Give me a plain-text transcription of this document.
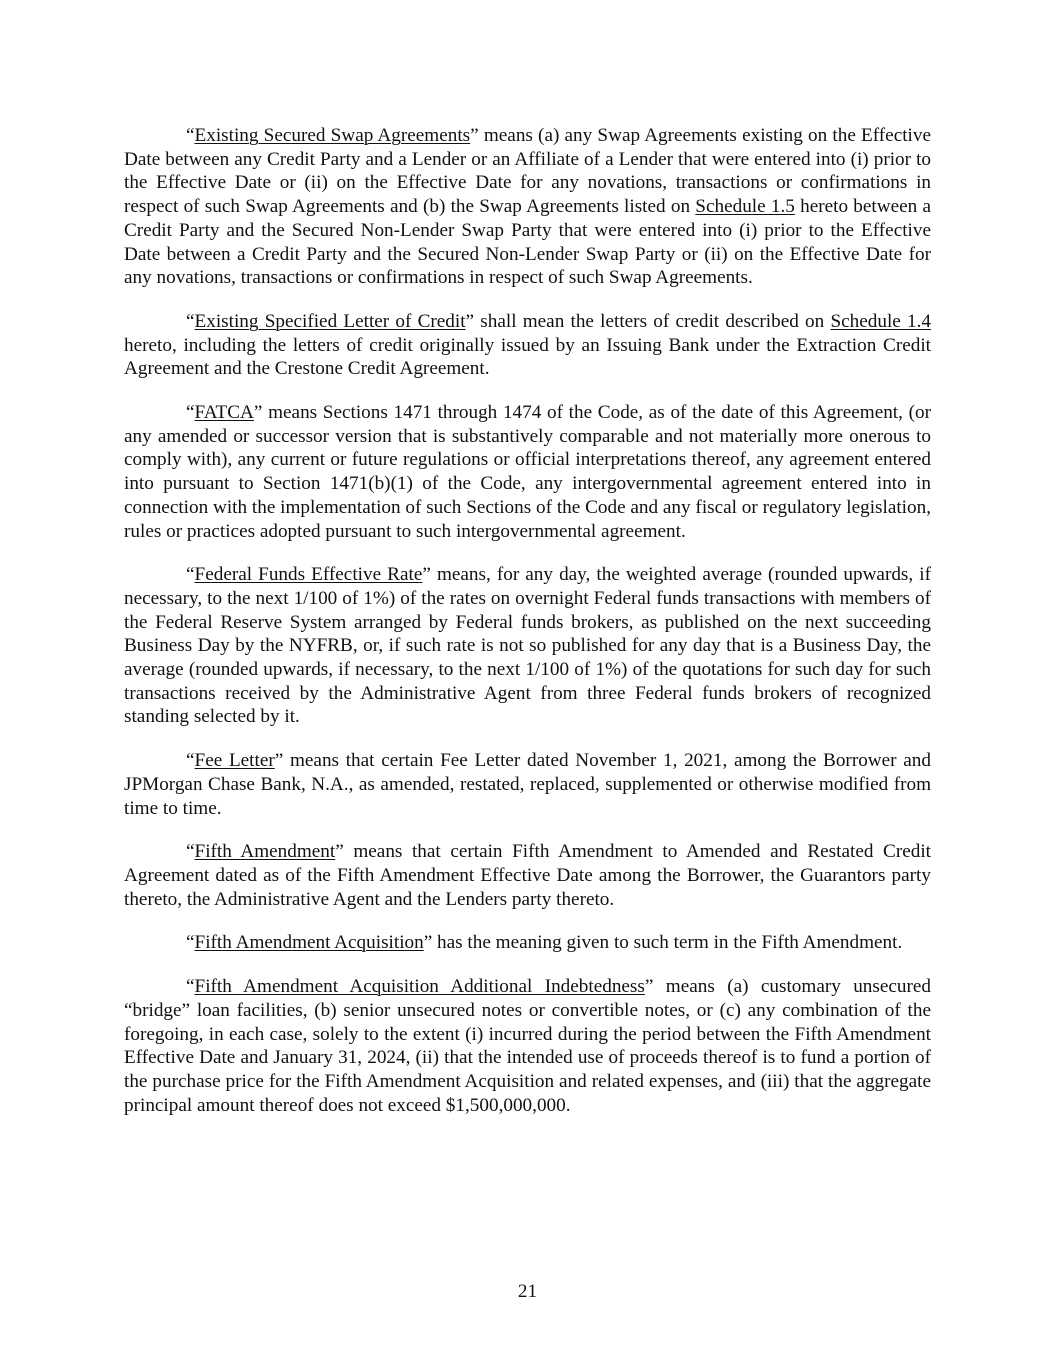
“Existing Secured Swap Agreements” means (a) any Swap Agreements existing on the Effective Date between any Credit Party and a Lender or an Affiliate of a Lender that were entered into (i) prior to the Effective Date or (ii) on the Effective Date for any novations, transactions or confirmations in respect of such Swap Agreements and (b) the Swap Agreements listed on Schedule 1.5 hereto between a Credit Party and the Secured Non-Lender Swap Party that were entered into (i) prior to the Effective Date between a Credit Party and the Secured Non-Lender Swap Party or (ii) on the Effective Date for any novations, transactions or confirmations in respect of such Swap Agreements.

“Existing Specified Letter of Credit” shall mean the letters of credit described on Schedule 1.4 hereto, including the letters of credit originally issued by an Issuing Bank under the Extraction Credit Agreement and the Crestone Credit Agreement.

“FATCA” means Sections 1471 through 1474 of the Code, as of the date of this Agreement, (or any amended or successor version that is substantively comparable and not materially more onerous to comply with), any current or future regulations or official interpretations thereof, any agreement entered into pursuant to Section 1471(b)(1) of the Code, any intergovernmental agreement entered into in connection with the implementation of such Sections of the Code and any fiscal or regulatory legislation, rules or practices adopted pursuant to such intergovernmental agreement.

“Federal Funds Effective Rate” means, for any day, the weighted average (rounded upwards, if necessary, to the next 1/100 of 1%) of the rates on overnight Federal funds transactions with members of the Federal Reserve System arranged by Federal funds brokers, as published on the next succeeding Business Day by the NYFRB, or, if such rate is not so published for any day that is a Business Day, the average (rounded upwards, if necessary, to the next 1/100 of 1%) of the quotations for such day for such transactions received by the Administrative Agent from three Federal funds brokers of recognized standing selected by it.

“Fee Letter” means that certain Fee Letter dated November 1, 2021, among the Borrower and JPMorgan Chase Bank, N.A., as amended, restated, replaced, supplemented or otherwise modified from time to time.

“Fifth Amendment” means that certain Fifth Amendment to Amended and Restated Credit Agreement dated as of the Fifth Amendment Effective Date among the Borrower, the Guarantors party thereto, the Administrative Agent and the Lenders party thereto.

“Fifth Amendment Acquisition” has the meaning given to such term in the Fifth Amendment.

“Fifth Amendment Acquisition Additional Indebtedness” means (a) customary unsecured “bridge” loan facilities, (b) senior unsecured notes or convertible notes, or (c) any combination of the foregoing, in each case, solely to the extent (i) incurred during the period between the Fifth Amendment Effective Date and January 31, 2024, (ii) that the intended use of proceeds thereof is to fund a portion of the purchase price for the Fifth Amendment Acquisition and related expenses, and (iii) that the aggregate principal amount thereof does not exceed $1,500,000,000.

21
